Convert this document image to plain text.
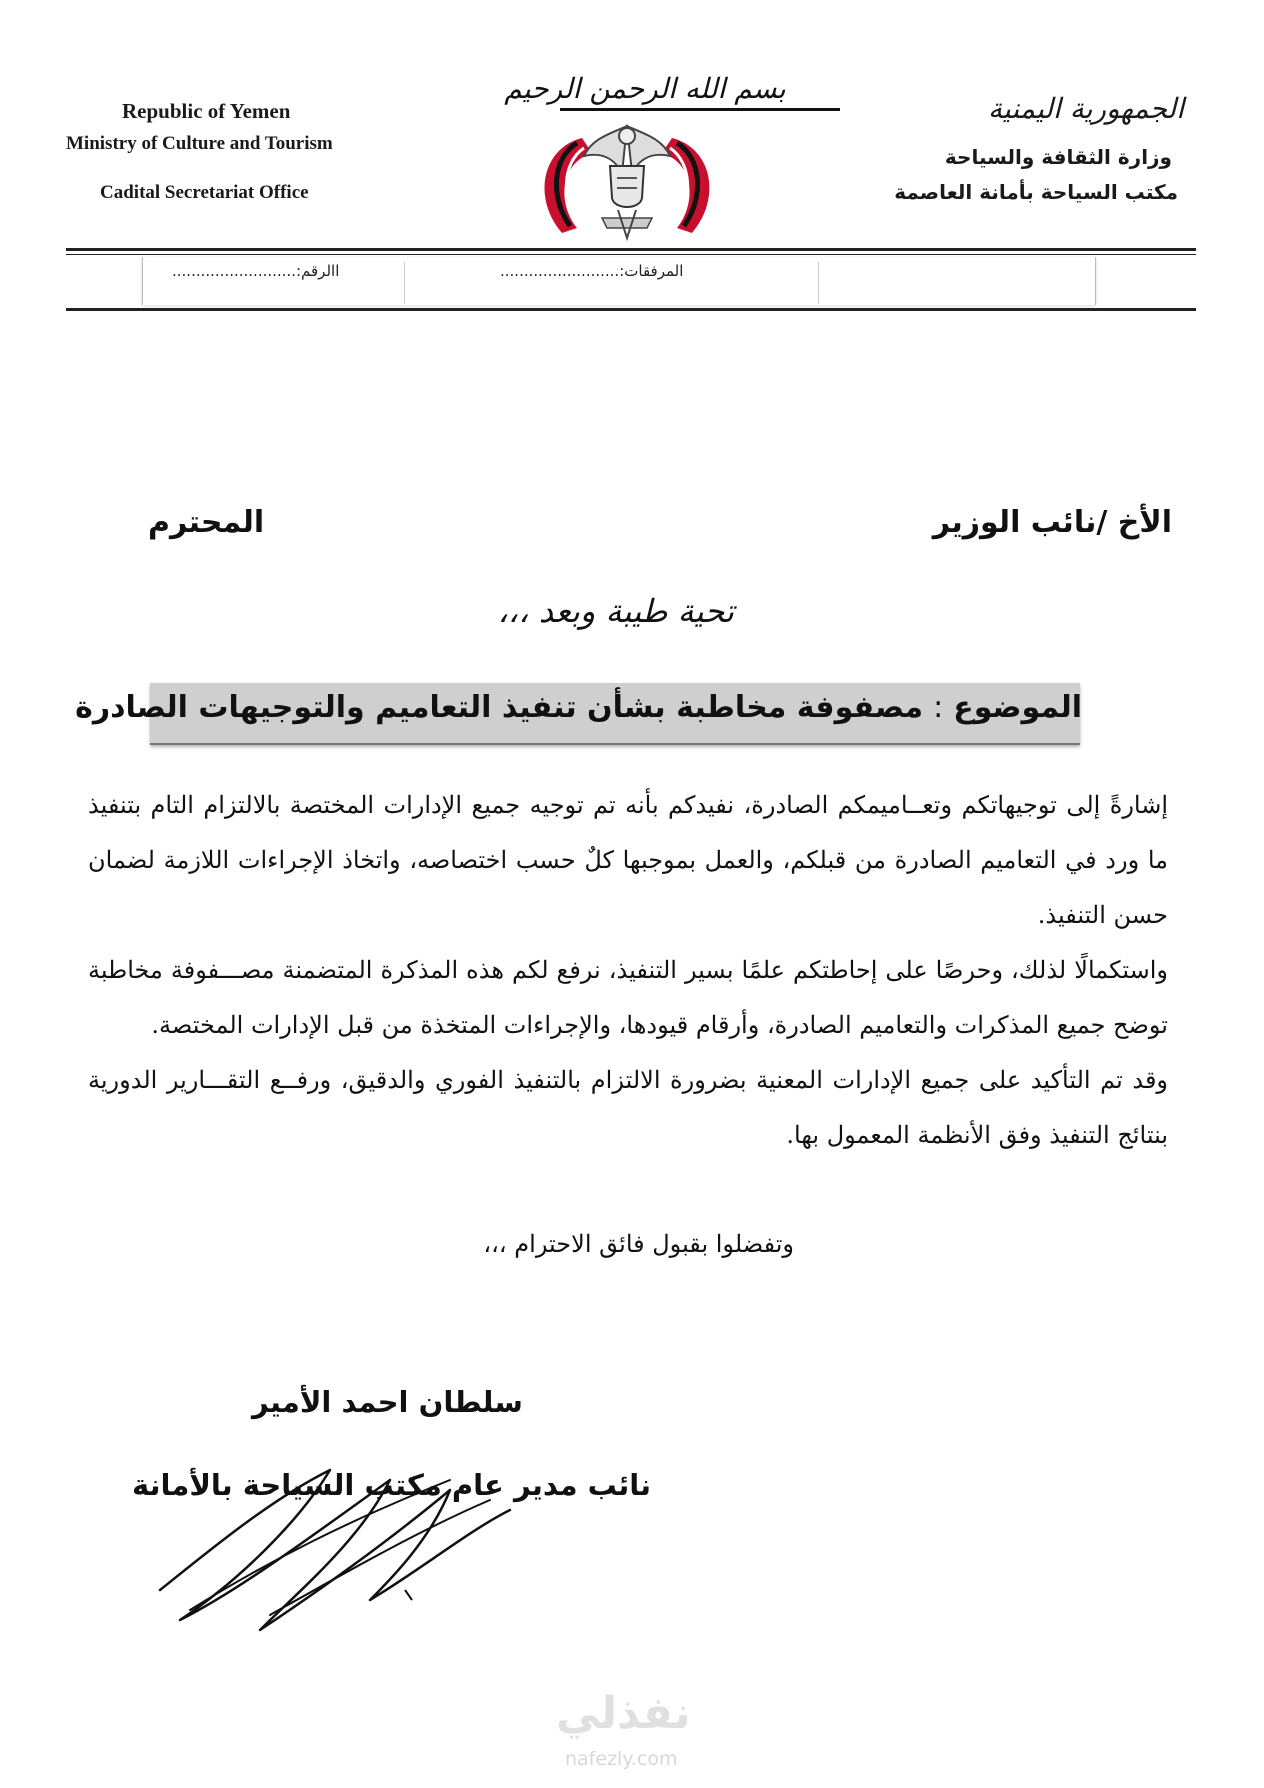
Republic of Yemen
Ministry of Culture and Tourism
Cadital Secretariat Office
الجمهورية اليمنية
وزارة الثقافة والسياحة
مكتب السياحة بأمانة العاصمة
بسم الله الرحمن الرحيم
االرقم:..........................	المرفقات:.........................
الأخ /نائب الوزير
المحترم
تحية طيبة وبعد ،،،
الموضوع:مصفوفة مخاطبة بشأن تنفيذ التعاميم والتوجيهات الصادرة

إشارةً إلى توجيهاتكم وتعــاميمكم الصادرة، نفيدكم بأنه تم توجيه جميع الإدارات المختصة بالالتزام التام بتنفيذ ما ورد في التعاميم الصادرة من قبلكم، والعمل بموجبها كلٌ حسب اختصاصه، واتخاذ الإجراءات اللازمة لضمان حسن التنفيذ.

واستكمالًا لذلك، وحرصًا على إحاطتكم علمًا بسير التنفيذ، نرفع لكم هذه المذكرة المتضمنة مصـــفوفة مخاطبة توضح جميع المذكرات والتعاميم الصادرة، وأرقام قيودها، والإجراءات المتخذة من قبل الإدارات المختصة.

وقد تم التأكيد على جميع الإدارات المعنية بضرورة الالتزام بالتنفيذ الفوري والدقيق، ورفــع التقـــارير الدورية بنتائج التنفيذ وفق الأنظمة المعمول بها.

وتفضلوا بقبول فائق الاحترام ،،،
سلطان احمد الأمير
نائب مدير عام مكتب السياحة بالأمانة
نفذلي
nafezly.com
